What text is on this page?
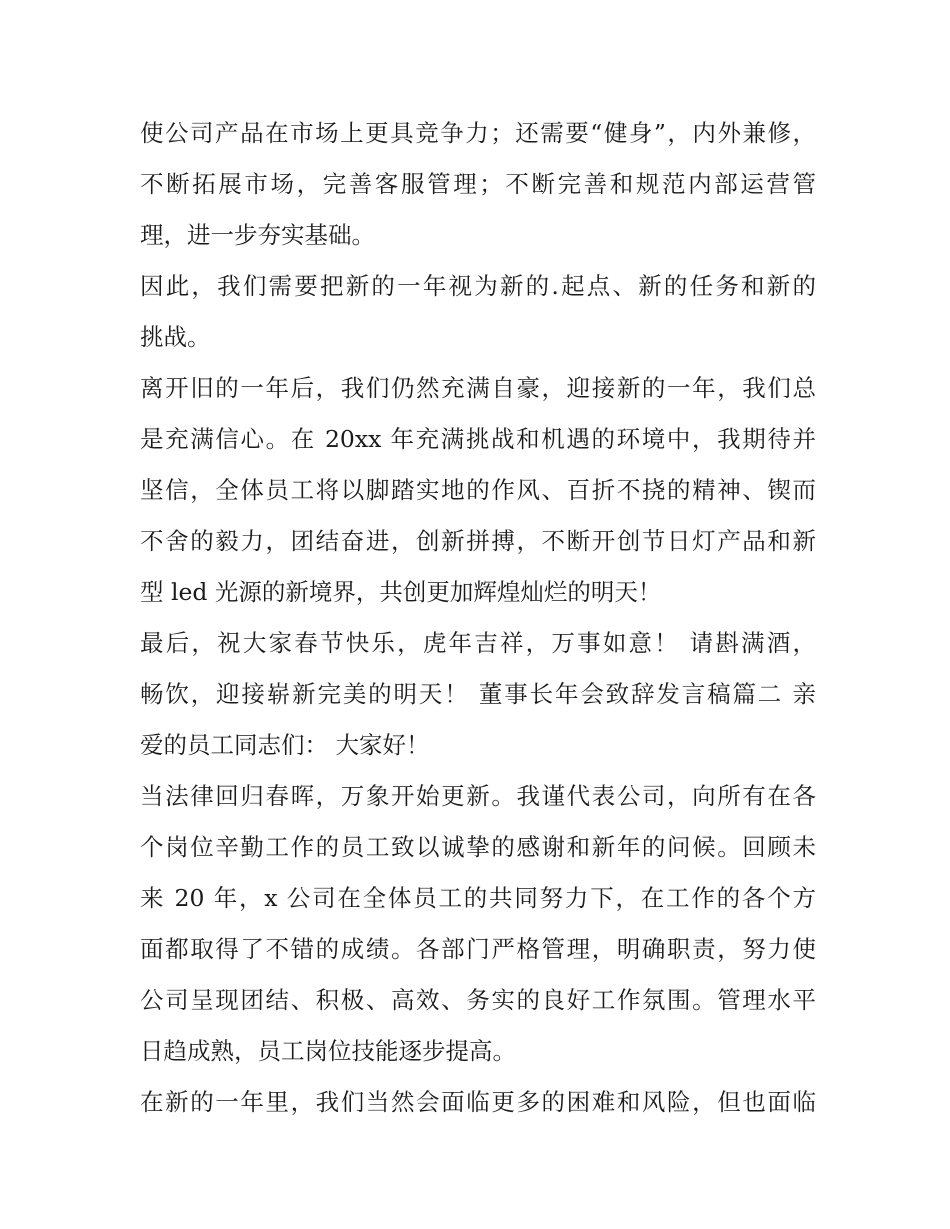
使公司产品在市场上更具竞争力；还需要“健身”，内外兼修，
不断拓展市场，完善客服管理；不断完善和规范内部运营管
理，进一步夯实基础。
因此，我们需要把新的一年视为新的.起点、新的任务和新的
挑战。
离开旧的一年后，我们仍然充满自豪，迎接新的一年，我们总
是充满信心。在 20xx 年充满挑战和机遇的环境中，我期待并
坚信，全体员工将以脚踏实地的作风、百折不挠的精神、锲而
不舍的毅力，团结奋进，创新拼搏，不断开创节日灯产品和新
型 led 光源的新境界，共创更加辉煌灿烂的明天！
最后，祝大家春节快乐，虎年吉祥，万事如意！ 请斟满酒，
畅饮，迎接崭新完美的明天！ 董事长年会致辞发言稿篇二 亲
爱的员工同志们： 大家好！
当法律回归春晖，万象开始更新。我谨代表公司，向所有在各
个岗位辛勤工作的员工致以诚挚的感谢和新年的问候。回顾未
来 20 年，x 公司在全体员工的共同努力下，在工作的各个方
面都取得了不错的成绩。各部门严格管理，明确职责，努力使
公司呈现团结、积极、高效、务实的良好工作氛围。管理水平
日趋成熟，员工岗位技能逐步提高。
在新的一年里，我们当然会面临更多的困难和风险，但也面临
